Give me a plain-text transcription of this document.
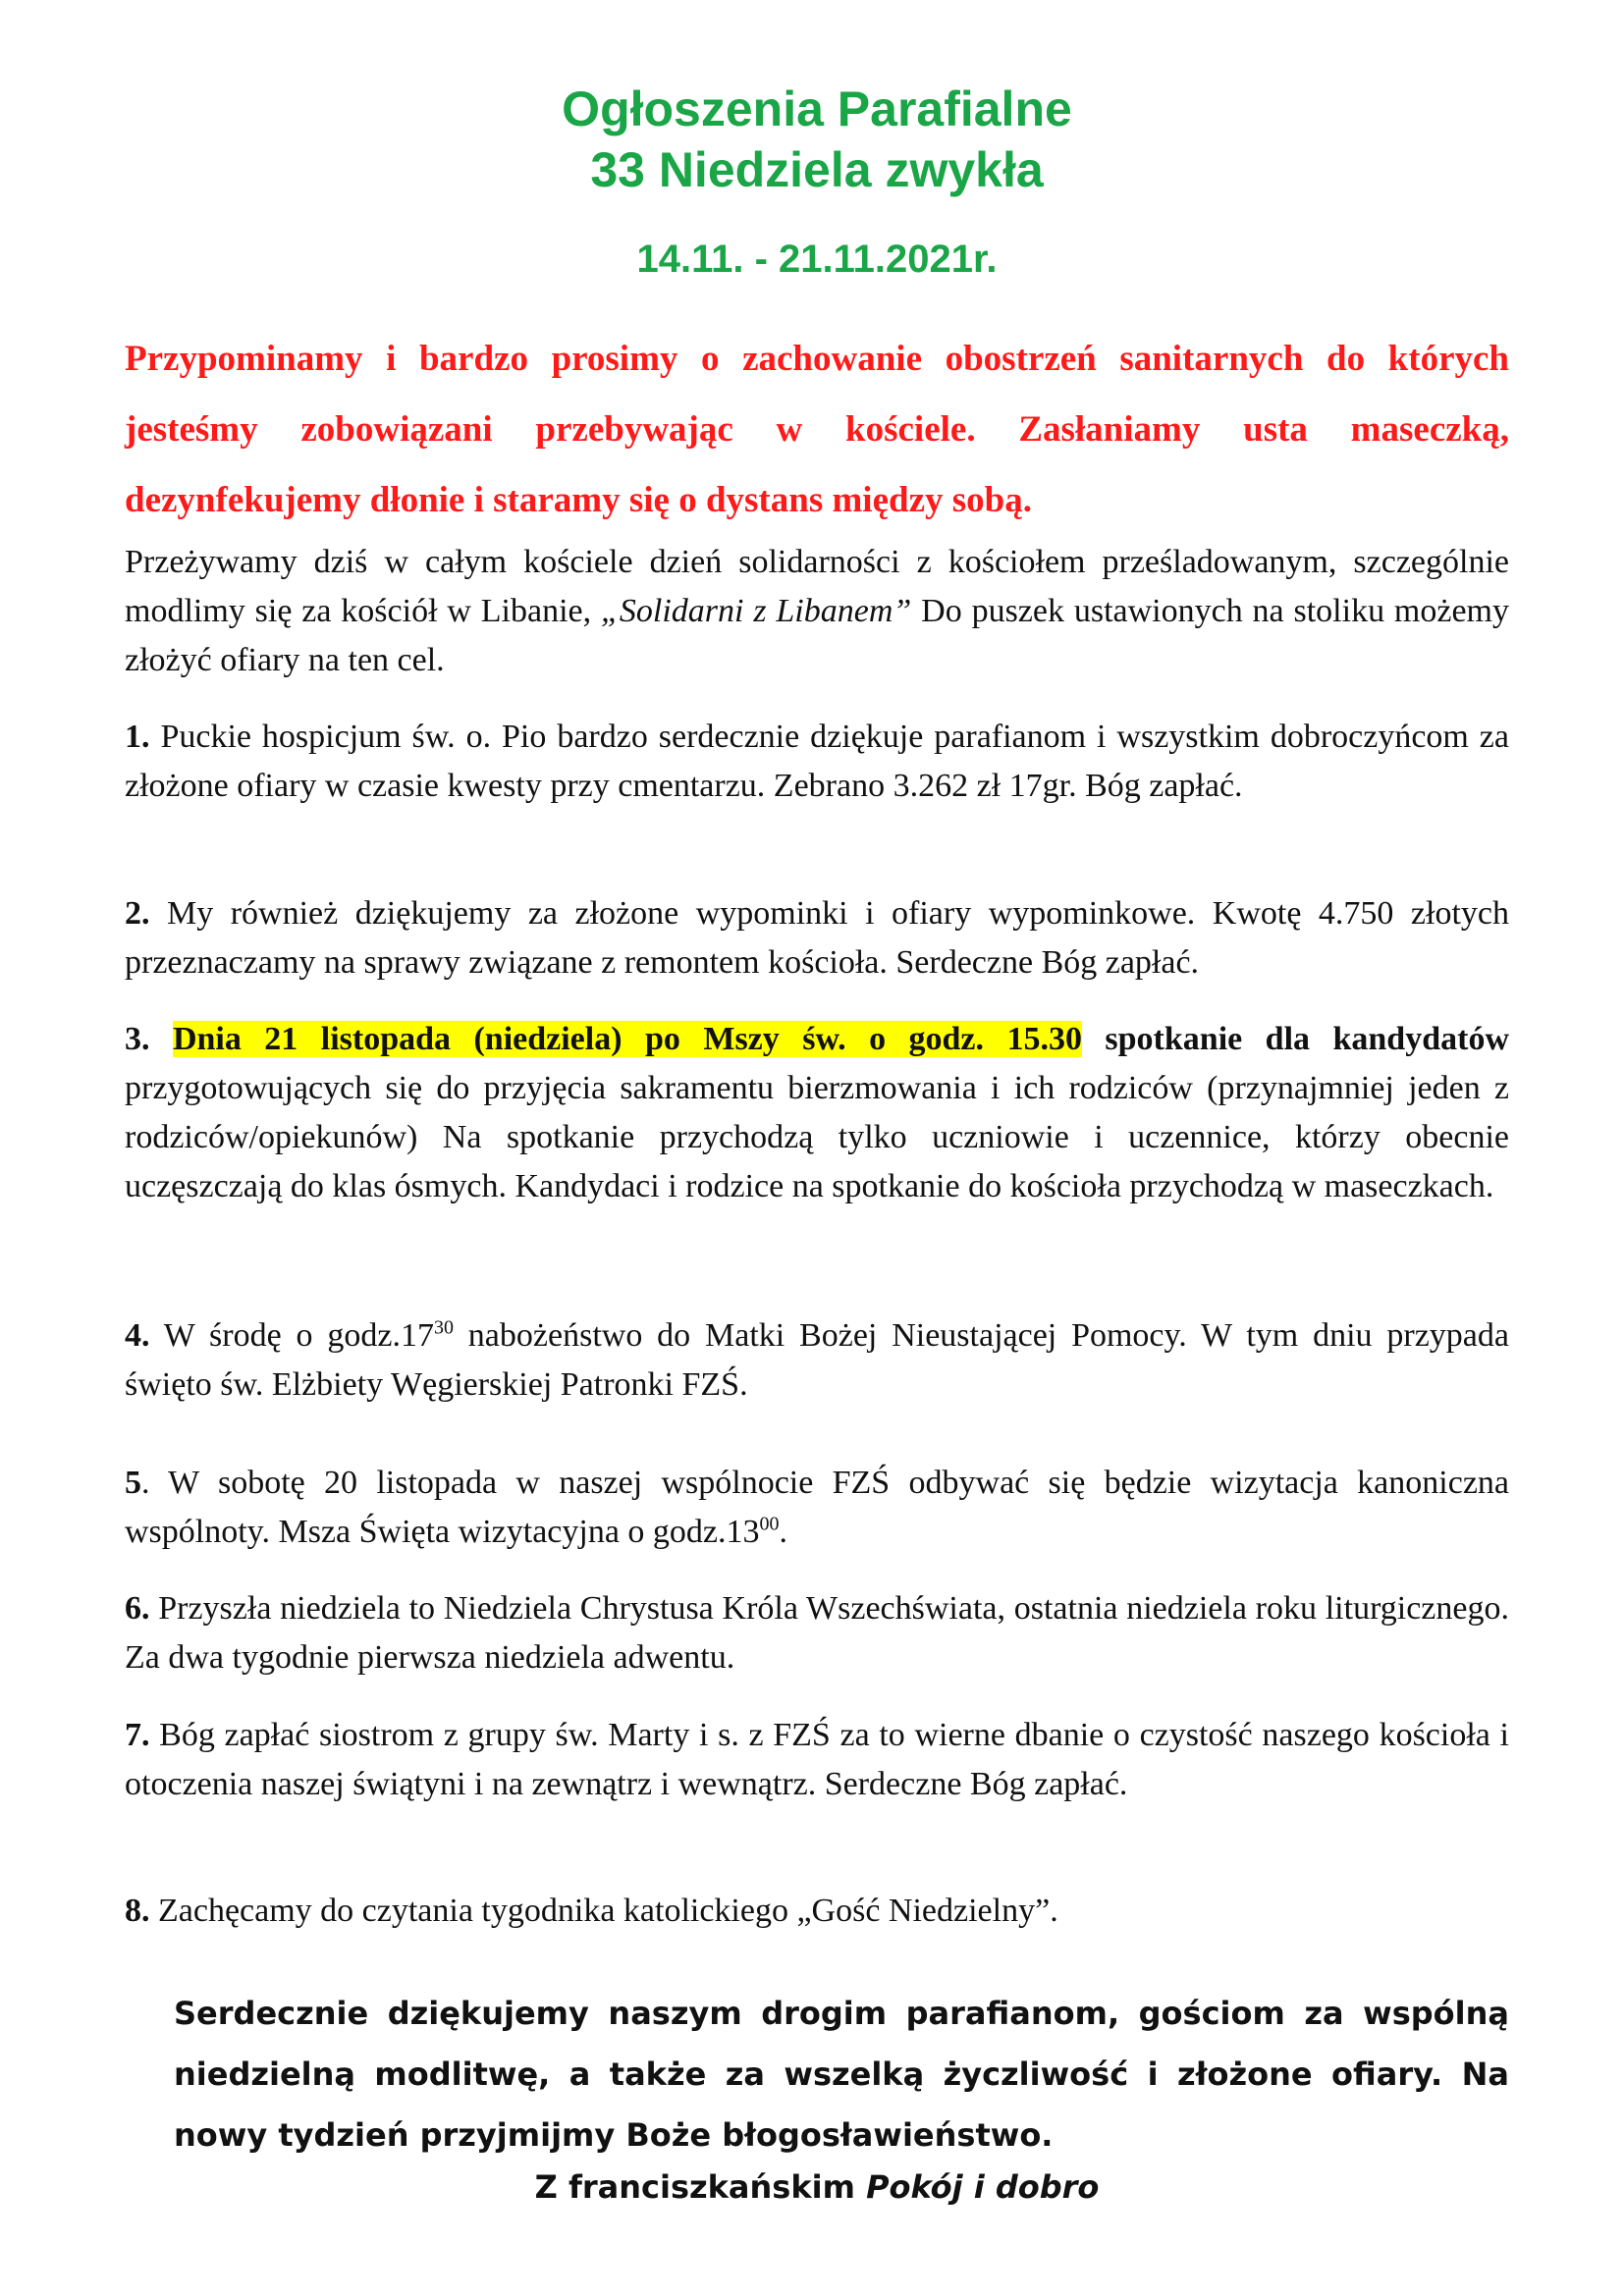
Ogłoszenia Parafialne
33 Niedziela zwykła
14.11. - 21.11.2021r.
Przypominamy i bardzo prosimy o zachowanie obostrzeń sanitarnych do których jesteśmy zobowiązani przebywając w kościele. Zasłaniamy usta maseczką, dezynfekujemy dłonie i staramy się o dystans między sobą.
Przeżywamy dziś w całym kościele dzień solidarności z kościołem prześladowanym, szczególnie modlimy się za kościół w Libanie, „Solidarni z Libanem” Do puszek ustawionych na stoliku możemy złożyć ofiary na ten cel.
1. Puckie hospicjum św. o. Pio bardzo serdecznie dziękuje parafianom i wszystkim dobroczyńcom za złożone ofiary w czasie kwesty przy cmentarzu. Zebrano 3.262 zł 17gr. Bóg zapłać.
2. My również dziękujemy za złożone wypominki i ofiary wypominkowe. Kwotę 4.750 złotych przeznaczamy na sprawy związane z remontem kościoła. Serdeczne Bóg zapłać.
3. Dnia 21 listopada (niedziela) po Mszy św. o godz. 15.30 spotkanie dla kandydatów przygotowujących się do przyjęcia sakramentu bierzmowania i ich rodziców (przynajmniej jeden z rodziców/opiekunów) Na spotkanie przychodzą tylko uczniowie i uczennice, którzy obecnie uczęszczają do klas ósmych. Kandydaci i rodzice na spotkanie do kościoła przychodzą w maseczkach.
4. W środę o $godz.17^{30}$ nabożeństwo do Matki Bożej Nieustającej Pomocy. W tym dniu przypada święto św. Elżbiety Węgierskiej Patronki FZŚ.
5. W sobotę 20 listopada w naszej wspólnocie FZŚ odbywać się będzie wizytacja kanoniczna wspólnoty. Msza Święta wizytacyjna o $godz.13^{00}$.
6. Przyszła niedziela to Niedziela Chrystusa Króla Wszechświata, ostatnia niedziela roku liturgicznego. Za dwa tygodnie pierwsza niedziela adwentu.
7. Bóg zapłać siostrom z grupy św. Marty i s. z FZŚ za to wierne dbanie o czystość naszego kościoła i otoczenia naszej świątyni i na zewnątrz i wewnątrz. Serdeczne Bóg zapłać.
8. Zachęcamy do czytania tygodnika katolickiego „Gość Niedzielny”.
Serdecznie dziękujemy naszym drogim parafianom, gościom za wspólną niedzielną modlitwę, a także za wszelką życzliwość i złożone ofiary. Na nowy tydzień przyjmijmy Boże błogosławieństwo.
Z franciszkańskim Pokój i dobro
